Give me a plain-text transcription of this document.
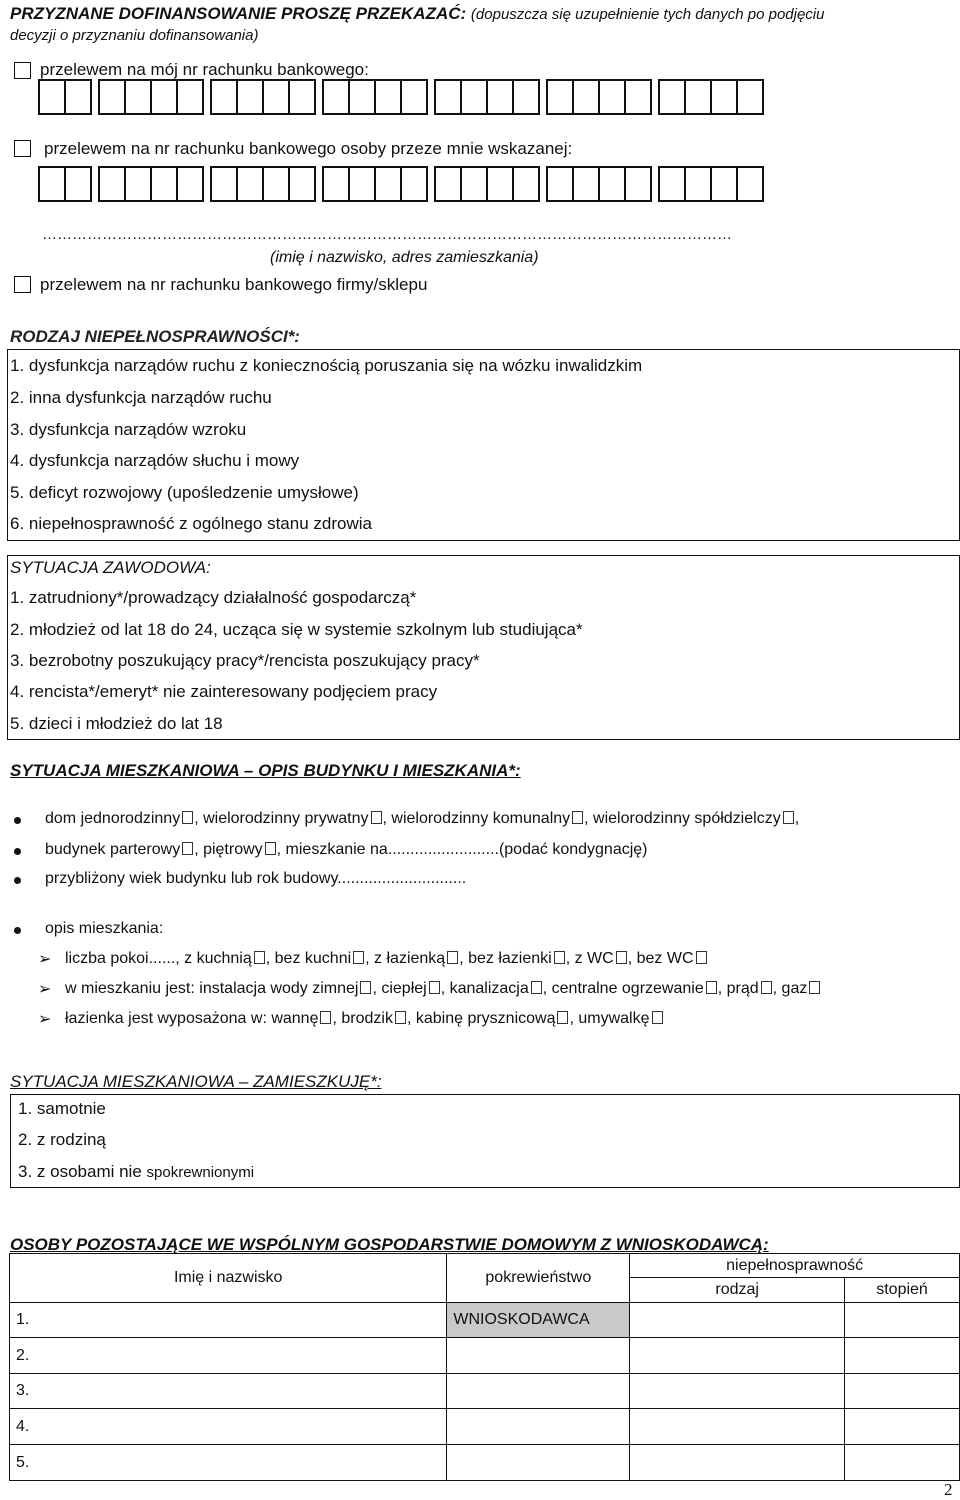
PRZYZNANE DOFINANSOWANIE PROSZĘ PRZEKAZAĆ: (dopuszcza się uzupełnienie tych danych po podjęciu
decyzji o przyznaniu dofinansowania)
przelewem na mój nr rachunku bankowego:
przelewem na nr rachunku bankowego osoby przeze mnie wskazanej:
…………………………………………………………………………………………………………………………
(imię i nazwisko, adres zamieszkania)
przelewem na nr rachunku bankowego firmy/sklepu
RODZAJ NIEPEŁNOSPRAWNOŚCI*:
1. dysfunkcja narządów ruchu z koniecznością poruszania się na wózku inwalidzkim
2. inna dysfunkcja narządów ruchu
3. dysfunkcja narządów wzroku
4. dysfunkcja narządów słuchu i mowy
5. deficyt rozwojowy (upośledzenie umysłowe)
6. niepełnosprawność z ogólnego stanu zdrowia
SYTUACJA ZAWODOWA:
1. zatrudniony*/prowadzący działalność gospodarczą*
2. młodzież od lat 18 do 24, ucząca się w systemie szkolnym lub studiująca*
3. bezrobotny poszukujący pracy*/rencista poszukujący pracy*
4. rencista*/emeryt* nie zainteresowany podjęciem pracy
5. dzieci i młodzież do lat 18
SYTUACJA MIESZKANIOWA – OPIS BUDYNKU I MIESZKANIA*:
dom jednorodzinny , wielorodzinny prywatny , wielorodzinny komunalny , wielorodzinny spółdzielczy ,
budynek parterowy , piętrowy , mieszkanie na.........................(podać kondygnację)
przybliżony wiek budynku lub rok budowy.............................
opis mieszkania:
➢ liczba pokoi......, z kuchnią , bez kuchni , z łazienką , bez łazienki , z WC , bez WC
➢ w mieszkaniu jest: instalacja wody zimnej , ciepłej , kanalizacja , centralne ogrzewanie , prąd , gaz
➢ łazienka jest wyposażona w: wannę , brodzik , kabinę prysznicową , umywalkę
SYTUACJA MIESZKANIOWA – ZAMIESZKUJĘ*:
1. samotnie
2. z rodziną
3. z osobami nie spokrewnionymi
OSOBY POZOSTAJĄCE WE WSPÓLNYM GOSPODARSTWIE DOMOWYM Z WNIOSKODAWCĄ:
Imię i nazwisko	pokrewieństwo	niepełnosprawność	
		rodzaj	stopień
1.	WNIOSKODAWCA		
2.			
3.			
4.			
5.			
2
